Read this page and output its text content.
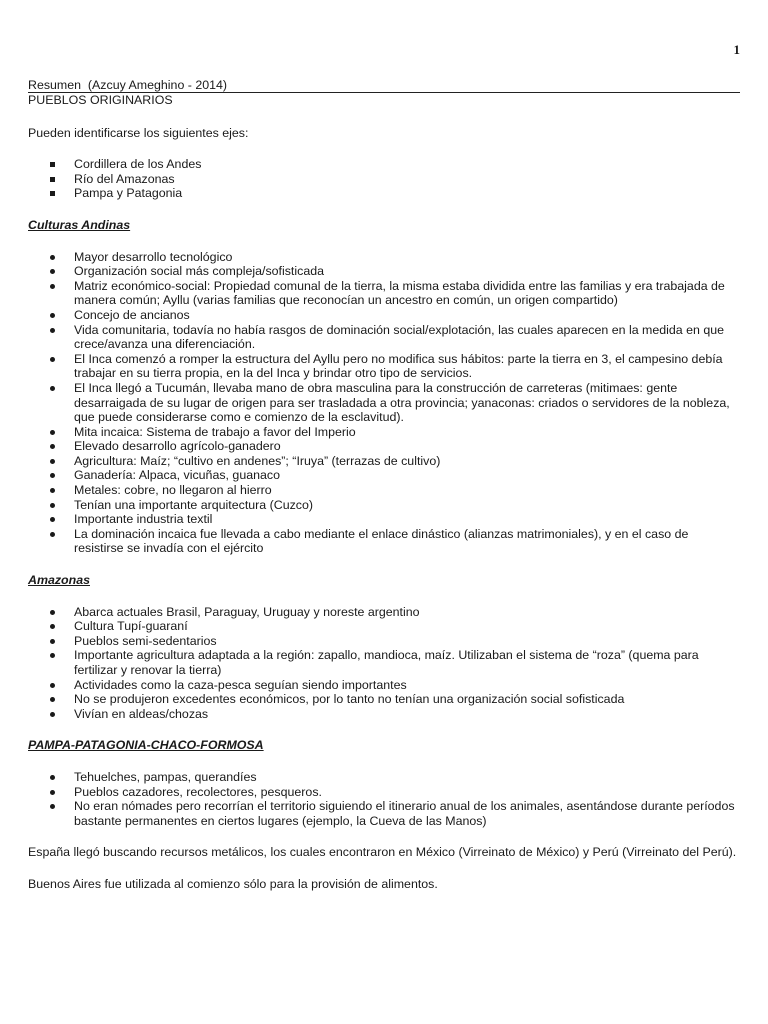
1
Resumen  (Azcuy Ameghino - 2014)

PUEBLOS ORIGINARIOS

Pueden identificarse los siguientes ejes:

Cordillera de los Andes
Río del Amazonas
Pampa y Patagonia

Culturas Andinas

Mayor desarrollo tecnológico
Organización social más compleja/sofisticada
Matriz económico-social: Propiedad comunal de la tierra, la misma estaba dividida entre las familias y era trabajada de manera común; Ayllu (varias familias que reconocían un ancestro en común, un origen compartido)
Concejo de ancianos
Vida comunitaria, todavía no había rasgos de dominación social/explotación, las cuales aparecen en la medida en que crece/avanza una diferenciación.
El Inca comenzó a romper la estructura del Ayllu pero no modifica sus hábitos: parte la tierra en 3, el campesino debía trabajar en su tierra propia, en la del Inca y brindar otro tipo de servicios.
El Inca llegó a Tucumán, llevaba mano de obra masculina para la construcción de carreteras (mitimaes: gente desarraigada de su lugar de origen para ser trasladada a otra provincia; yanaconas: criados o servidores de la nobleza, que puede considerarse como e comienzo de la esclavitud).
Mita incaica: Sistema de trabajo a favor del Imperio
Elevado desarrollo agrícolo-ganadero
Agricultura: Maíz; “cultivo en andenes”; “Iruya” (terrazas de cultivo)
Ganadería: Alpaca, vicuñas, guanaco
Metales: cobre, no llegaron al hierro
Tenían una importante arquitectura (Cuzco)
Importante industria textil
La dominación incaica fue llevada a cabo mediante el enlace dinástico (alianzas matrimoniales), y en el caso de resistirse se invadía con el ejército

Amazonas

Abarca actuales Brasil, Paraguay, Uruguay y noreste argentino
Cultura Tupí-guaraní
Pueblos semi-sedentarios
Importante agricultura adaptada a la región: zapallo, mandioca, maíz. Utilizaban el sistema de “roza” (quema para fertilizar y renovar la tierra)
Actividades como la caza-pesca seguían siendo importantes
No se produjeron excedentes económicos, por lo tanto no tenían una organización social sofisticada
Vivían en aldeas/chozas

PAMPA-PATAGONIA-CHACO-FORMOSA

Tehuelches, pampas, querandíes
Pueblos cazadores, recolectores, pesqueros.
No eran nómades pero recorrían el territorio siguiendo el itinerario anual de los animales, asentándose durante períodos bastante permanentes en ciertos lugares (ejemplo, la Cueva de las Manos)

España llegó buscando recursos metálicos, los cuales encontraron en México (Virreinato de México) y Perú (Virreinato del Perú).

Buenos Aires fue utilizada al comienzo sólo para la provisión de alimentos.
